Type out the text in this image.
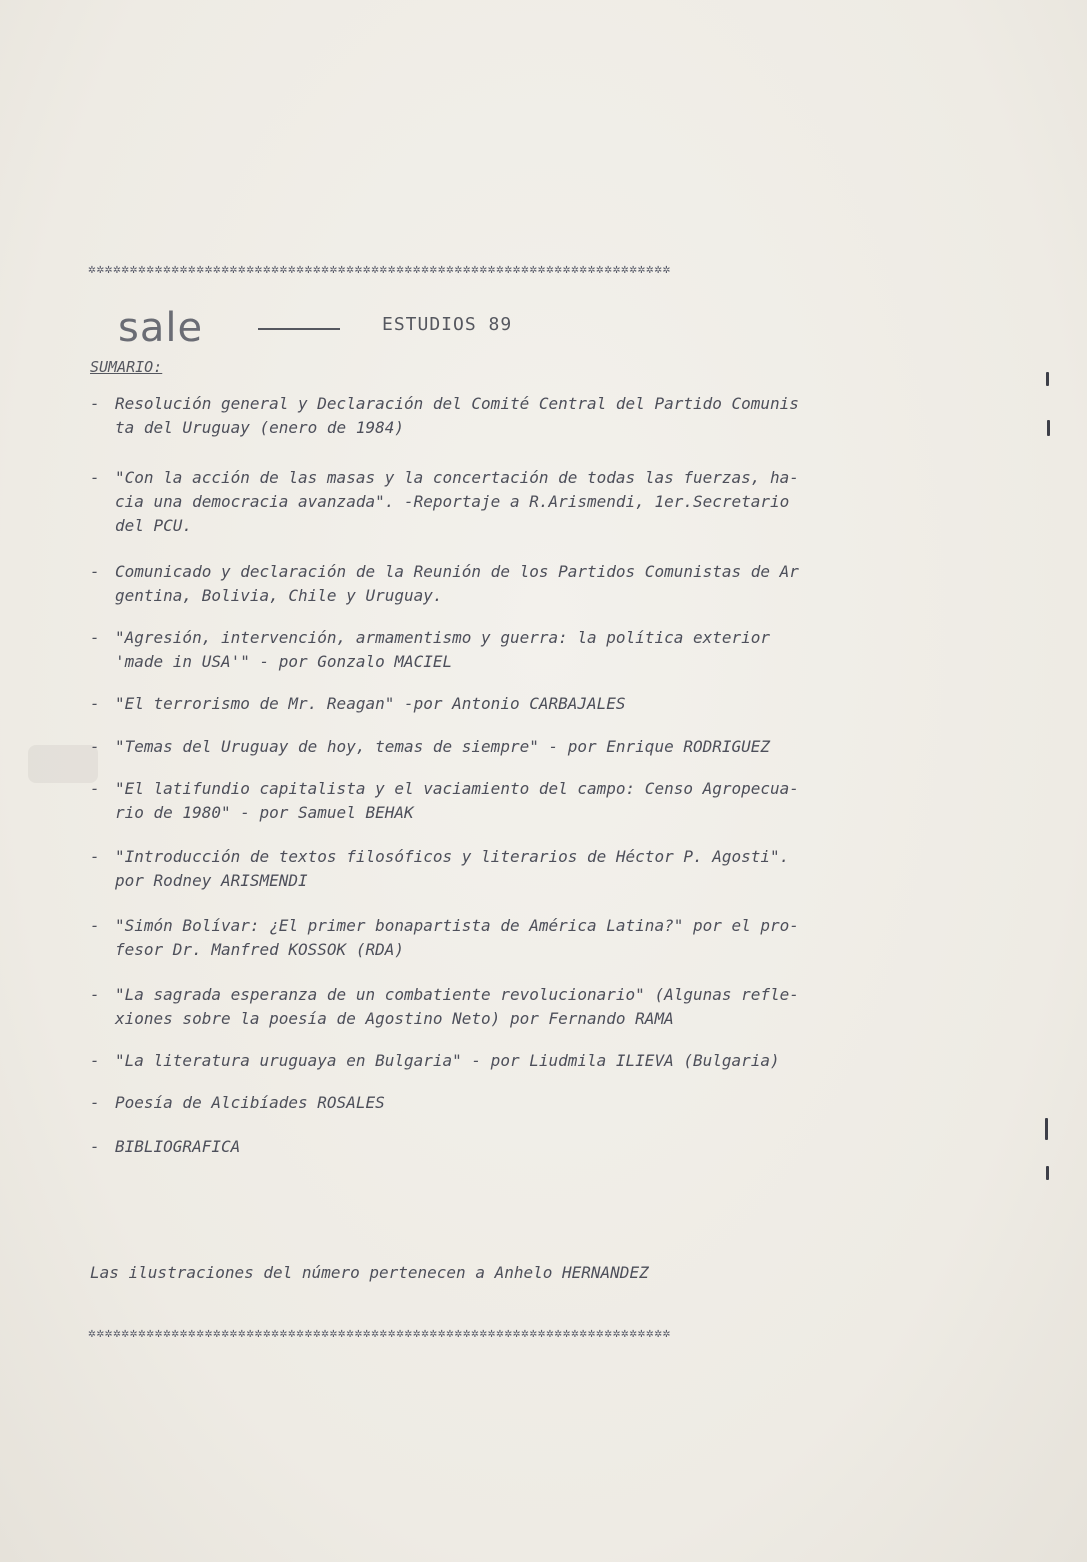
✲✲✲✲✲✲✲✲✲✲✲✲✲✲✲✲✲✲✲✲✲✲✲✲✲✲✲✲✲✲✲✲✲✲✲✲✲✲✲✲✲✲✲✲✲✲✲✲✲✲✲✲✲✲✲✲✲✲✲✲✲✲✲✲✲✲✲✲✲✲
sale	ESTUDIOS 89
SUMARIO:
- Resolución general y Declaración del Comité Central del Partido Comunis
ta del Uruguay (enero de 1984)
- "Con la acción de las masas y la concertación de todas las fuerzas, ha-
cia una democracia avanzada". -Reportaje a R.Arismendi, 1er.Secretario
del PCU.
- Comunicado y declaración de la Reunión de los Partidos Comunistas de Ar
gentina, Bolivia, Chile y Uruguay.
- "Agresión, intervención, armamentismo y guerra: la política exterior
'made in USA'" - por Gonzalo MACIEL
- "El terrorismo de Mr. Reagan" -por Antonio CARBAJALES
- "Temas del Uruguay de hoy, temas de siempre" - por Enrique RODRIGUEZ
- "El latifundio capitalista y el vaciamiento del campo: Censo Agropecua-
rio de 1980" - por Samuel BEHAK
- "Introducción de textos filosóficos y literarios de Héctor P. Agosti".
por Rodney ARISMENDI
- "Simón Bolívar: ¿El primer bonapartista de América Latina?" por el pro-
fesor Dr. Manfred KOSSOK (RDA)
- "La sagrada esperanza de un combatiente revolucionario" (Algunas refle-
xiones sobre la poesía de Agostino Neto) por Fernando RAMA
- "La literatura uruguaya en Bulgaria" - por Liudmila ILIEVA (Bulgaria)
- Poesía de Alcibíades ROSALES
- BIBLIOGRAFICA
Las ilustraciones del número pertenecen a Anhelo HERNANDEZ
✲✲✲✲✲✲✲✲✲✲✲✲✲✲✲✲✲✲✲✲✲✲✲✲✲✲✲✲✲✲✲✲✲✲✲✲✲✲✲✲✲✲✲✲✲✲✲✲✲✲✲✲✲✲✲✲✲✲✲✲✲✲✲✲✲✲✲✲✲✲
